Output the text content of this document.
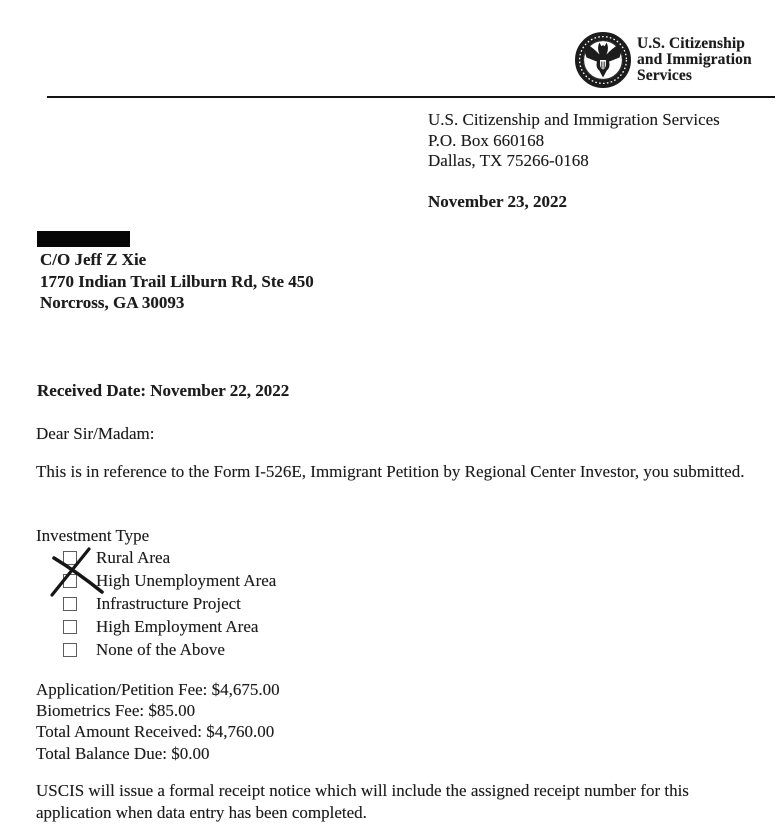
U.S. Citizenship
and Immigration
Services
U.S. Citizenship and Immigration Services
P.O. Box 660168
Dallas, TX 75266-0168
November 23, 2022
C/O Jeff Z Xie
1770 Indian Trail Lilburn Rd, Ste 450
Norcross, GA 30093
Received Date: November 22, 2022
Dear Sir/Madam:
This is in reference to the Form I-526E, Immigrant Petition by Regional Center Investor, you submitted.
Investment Type
Rural Area
High Unemployment Area
Infrastructure Project
High Employment Area
None of the Above
Application/Petition Fee: $4,675.00
Biometrics Fee: $85.00
Total Amount Received: $4,760.00
Total Balance Due: $0.00
USCIS will issue a formal receipt notice which will include the assigned receipt number for this application when data entry has been completed.
